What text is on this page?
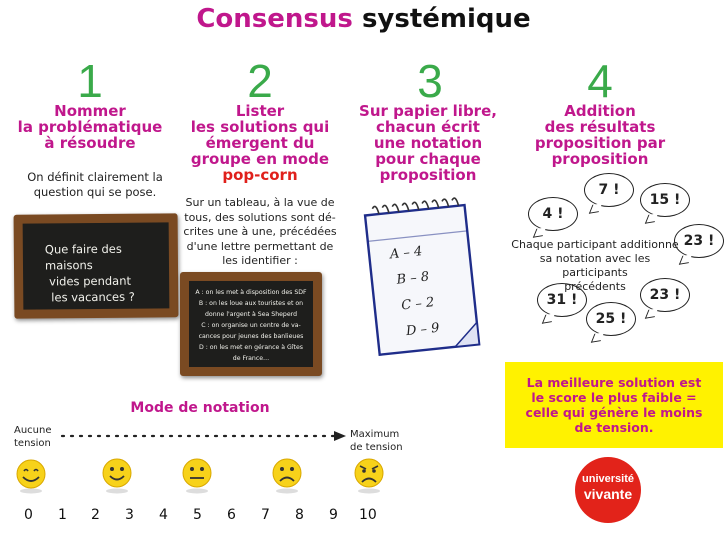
Consensus systémique
1	2	3	4
Nommer
la problématique
à résoudre
On définit clairement la
question qui se pose.
Que faire des maisons
vides pendant
les vacances ?
Lister
les solutions qui
émergent du
groupe en mode
pop-corn
Sur un tableau, à la vue de
tous, des solutions sont dé-
crites une à une, précédées
d'une lettre permettant de
les identifier :
A : on les met à disposition des SDF
B : on les loue aux touristes et on
donne l'argent à Sea Sheperd
C : on organise un centre de va-
cances pour jeunes des banlieues
D : on les met en gérance à Gîtes
de France…
Sur papier libre,
chacun écrit
une notation
pour chaque
proposition
A – 4
B – 8
C – 2
D – 9
Addition
des résultats
proposition par
proposition
4 !
7 !
15 !
23 !
31 !
25 !
23 !
Chaque participant additionne
sa notation avec les participants
précédents
La meilleure solution est
le score le plus faible =
celle qui génère le moins
de tension.
Mode de notation
Aucune
tension
Maximum
de tension
0 1 2 3 4 5 6 7 8 9 10
université
vivante
